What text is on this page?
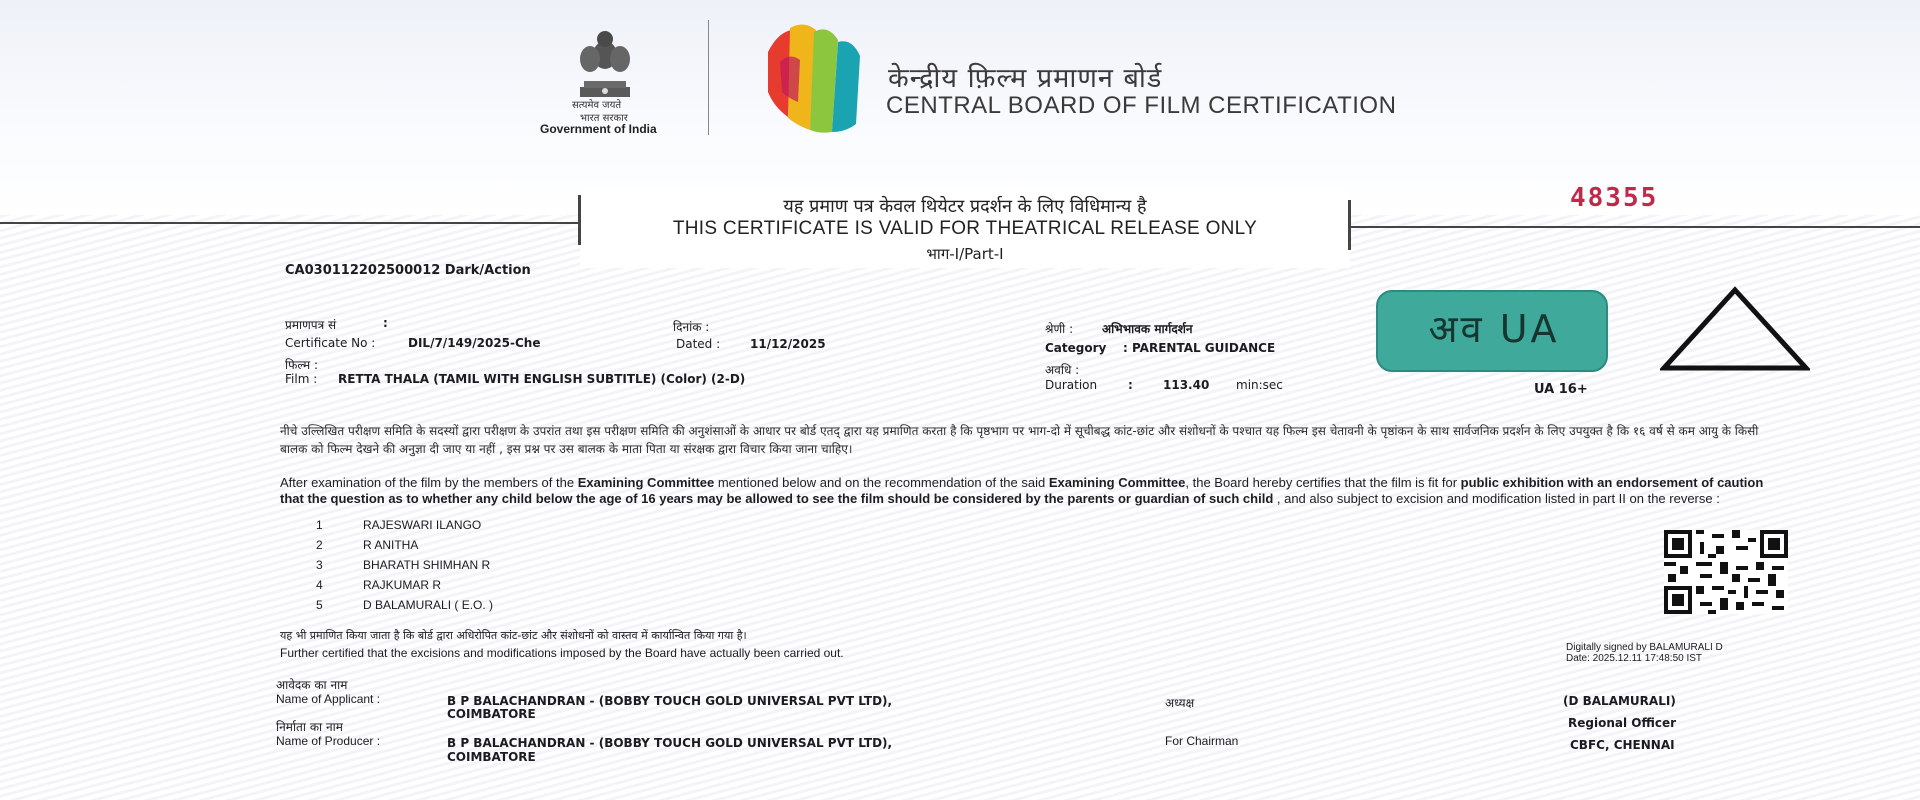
सत्यमेव जयते
भारत सरकार
Government of India
केन्द्रीय फ़िल्म प्रमाणन बोर्ड
CENTRAL BOARD OF FILM CERTIFICATION
यह प्रमाण पत्र केवल थियेटर प्रदर्शन के लिए विधिमान्य है
THIS CERTIFICATE IS VALID FOR THEATRICAL RELEASE ONLY
भाग-I/Part-I
48355
CA030112202500012 Dark/Action
प्रमाणपत्र सं	:
Certificate No :	DIL/7/149/2025-Che
दिनांक :
Dated : 11/12/2025
फिल्म :
Film : RETTA THALA (TAMIL WITH ENGLISH SUBTITLE) (Color) (2-D)
श्रेणी : अभिभावक मार्गदर्शन
Category : PARENTAL GUIDANCE
अवधि :
Duration	:	113.40 min:sec
अव UA
UA 16+
नीचे उल्लिखित परीक्षण समिति के सदस्यों द्वारा परीक्षण के उपरांत तथा इस परीक्षण समिति की अनुशंसाओं के आधार पर बोर्ड एतद् द्वारा यह प्रमाणित करता है कि पृष्ठभाग पर भाग-दो में सूचीबद्ध कांट-छांट और संशोधनों के पश्चात यह फिल्म इस चेतावनी के पृष्ठांकन के साथ सार्वजनिक प्रदर्शन के लिए उपयुक्त है कि १६ वर्ष से कम आयु के किसी बालक को फिल्म देखने की अनुज्ञा दी जाए या नहीं , इस प्रश्न पर उस बालक के माता पिता या संरक्षक द्वारा विचार किया जाना चाहिए।
After examination of the film by the members of the Examining Committee mentioned below and on the recommendation of the said Examining Committee, the Board hereby certifies that the film is fit for public exhibition with an endorsement of caution that the question as to whether any child below the age of 16 years may be allowed to see the film should be considered by the parents or guardian of such child , and also subject to excision and modification listed in part II on the reverse :
1	RAJESWARI ILANGO
2	R ANITHA
3	BHARATH SHIMHAN R
4	RAJKUMAR R
5	D BALAMURALI ( E.O. )
यह भी प्रमाणित किया जाता है कि बोर्ड द्वारा अधिरोपित कांट-छांट और संशोधनों को वास्तव में कार्यान्वित किया गया है।
Further certified that the excisions and modifications imposed by the Board have actually been carried out.	Digitally signed by BALAMURALI D
Date: 2025.12.11 17:48:50 IST
आवेदक का नाम
Name of Applicant :	B P BALACHANDRAN - (BOBBY TOUCH GOLD UNIVERSAL PVT LTD),
COIMBATORE
निर्माता का नाम
Name of Producer :	B P BALACHANDRAN - (BOBBY TOUCH GOLD UNIVERSAL PVT LTD),
COIMBATORE
अध्यक्ष
For Chairman
(D BALAMURALI)
Regional Officer
CBFC, CHENNAI
